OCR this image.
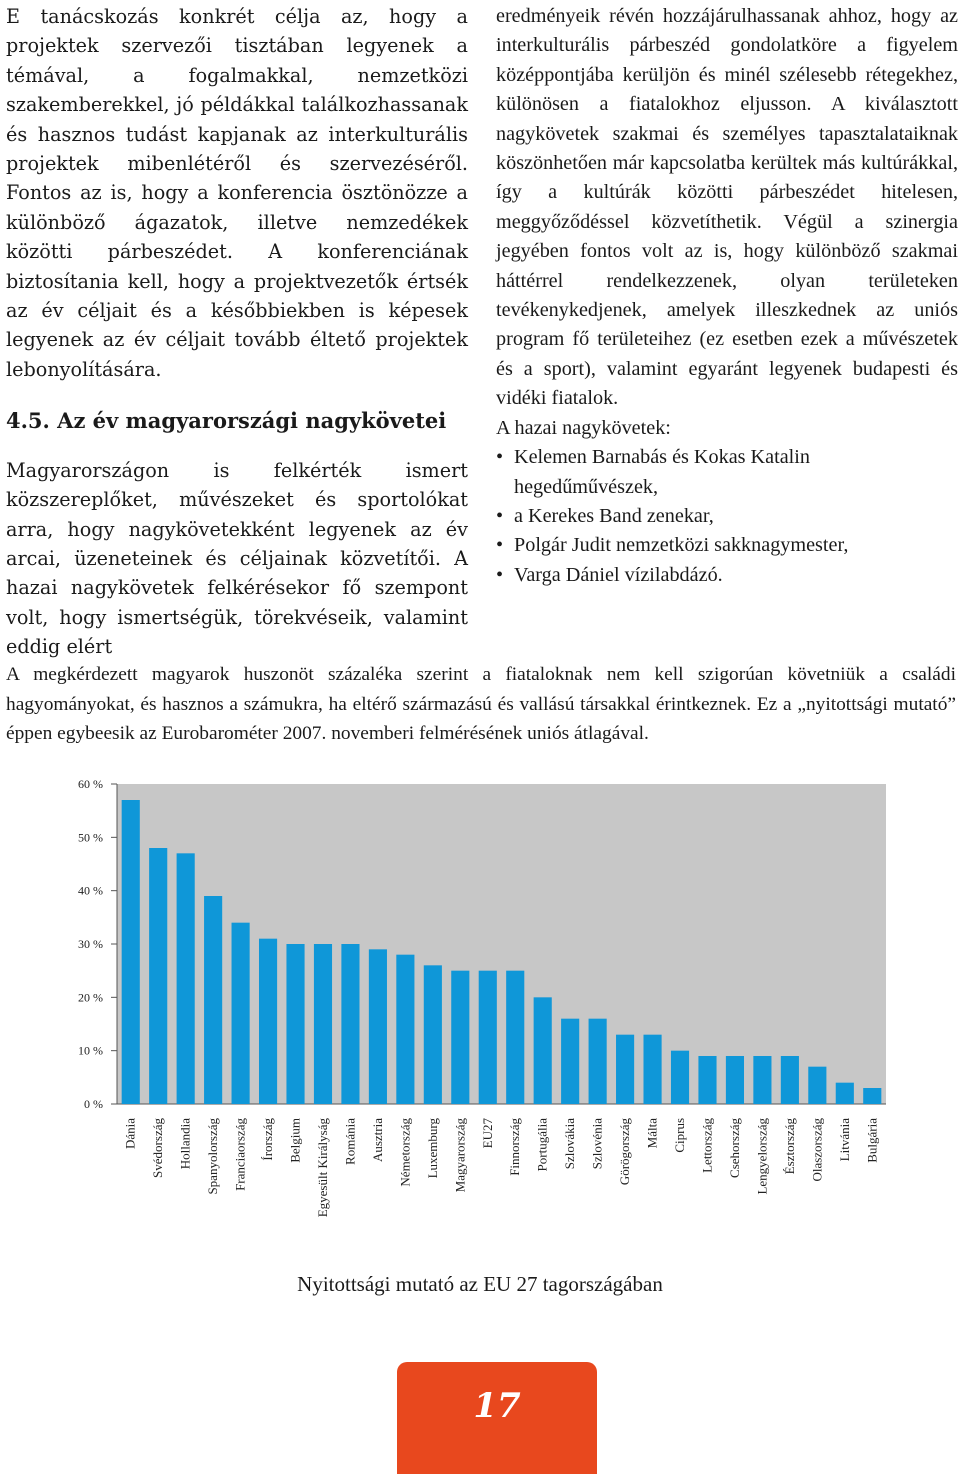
E tanácskozás konkrét célja az, hogy a projektek szervezői tisztában legyenek a témával, a fogalmakkal, nemzetközi szakemberekkel, jó példákkal találkozhassanak és hasznos tudást kapjanak az interkulturális projektek mibenlétéről és szervezéséről. Fontos az is, hogy a konferencia ösztönözze a különböző ágazatok, illetve nemzedékek közötti párbeszédet. A konferenciának biztosítania kell, hogy a projektvezetők értsék az év céljait és a későbbiekben is képesek legyenek az év céljait tovább éltető projektek lebonyolítására.

4.5. Az év magyarországi nagykövetei

Magyarországon is felkérték ismert közszereplőket, művészeket és sportolókat arra, hogy nagykövetekként legyenek az év arcai, üzeneteinek és céljainak közvetítői. A hazai nagykövetek felkérésekor fő szempont volt, hogy ismertségük, törekvéseik, valamint eddig elért

eredményeik révén hozzájárulhassanak ahhoz, hogy az interkulturális párbeszéd gondolatköre a figyelem középpontjába kerüljön és minél szélesebb rétegekhez, különösen a fiatalokhoz eljusson. A kiválasztott nagykövetek szakmai és személyes tapasztalataiknak köszönhetően már kapcsolatba kerültek más kultúrákkal, így a kultúrák közötti párbeszédet hitelesen, meggyőződéssel közvetíthetik. Végül a szinergia jegyében fontos volt az is, hogy különböző szakmai háttérrel rendelkezzenek, olyan területeken tevékenykedjenek, amelyek illeszkednek az uniós program fő területeihez (ez esetben ezek a művészetek és a sport), valamint egyaránt legyenek budapesti és vidéki fiatalok.

A hazai nagykövetek:

• Kelemen Barnabás és Kokas Katalin hegedűművészek,
• a Kerekes Band zenekar,
• Polgár Judit nemzetközi sakknagymester,
• Varga Dániel vízilabdázó.

A megkérdezett magyarok huszonöt százaléka szerint a fiataloknak nem kell szigorúan követniük a családi hagyományokat, és hasznos a számukra, ha eltérő származású és vallású társakkal érintkeznek. Ez a „nyitottsági mutató” éppen egybeesik az Eurobarométer 2007. novemberi felmérésének uniós átlagával.

0 %
10 %
20 %
30 %
40 %
50 %
60 %
Dánia Svédország Hollandia Spanyolország Franciaország Írország Belgium Egyesült Királyság Románia Ausztria Németország Luxemburg Magyarország EU27 Finnország Portugália Szlovákia Szlovénia Görögország Málta Ciprus Lettország Csehország Lengyelország Észtország Olaszország Litvánia Bulgária

Nyitottsági mutató az EU 27 tagországában

17
